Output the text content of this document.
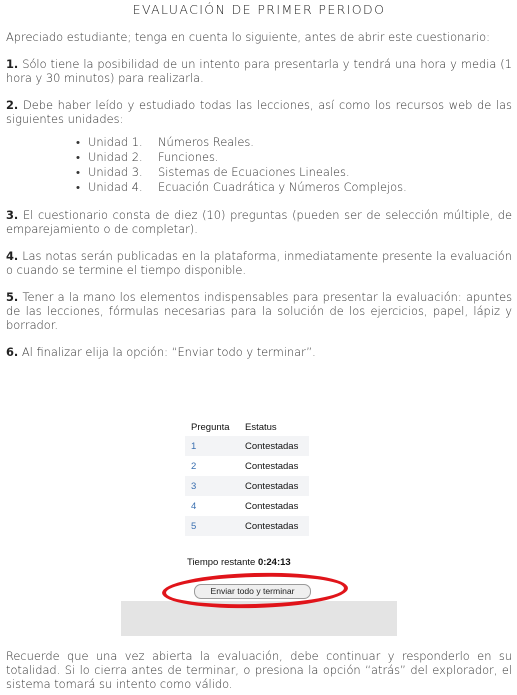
EVALUACIÓN DE PRIMER PERIODO

Apreciado estudiante; tenga en cuenta lo siguiente, antes de abrir este cuestionario:

1. Sólo tiene la posibilidad de un intento para presentarla y tendrá una hora y media (1 hora y 30 minutos) para realizarla.

2. Debe haber leído y estudiado todas las lecciones, así como los recursos web de las siguientes unidades:

• Unidad 1. Números Reales.
• Unidad 2. Funciones.
• Unidad 3. Sistemas de Ecuaciones Lineales.
• Unidad 4. Ecuación Cuadrática y Números Complejos.

3. El cuestionario consta de diez (10) preguntas (pueden ser de selección múltiple, de emparejamiento o de completar).

4. Las notas serán publicadas en la plataforma, inmediatamente presente la evaluación o cuando se termine el tiempo disponible.

5. Tener a la mano los elementos indispensables para presentar la evaluación: apuntes de las lecciones, fórmulas necesarias para la solución de los ejercicios, papel, lápiz y borrador.

6. Al finalizar elija la opción: “Enviar todo y terminar”.

Pregunta	Estatus
1	Contestadas
2	Contestadas
3	Contestadas
4	Contestadas
5	Contestadas
Tiempo restante 0:24:13
Enviar todo y terminar

Recuerde que una vez abierta la evaluación, debe continuar y responderlo en su totalidad. Si lo cierra antes de terminar, o presiona la opción “atrás” del explorador, el sistema tomará su intento como válido.
